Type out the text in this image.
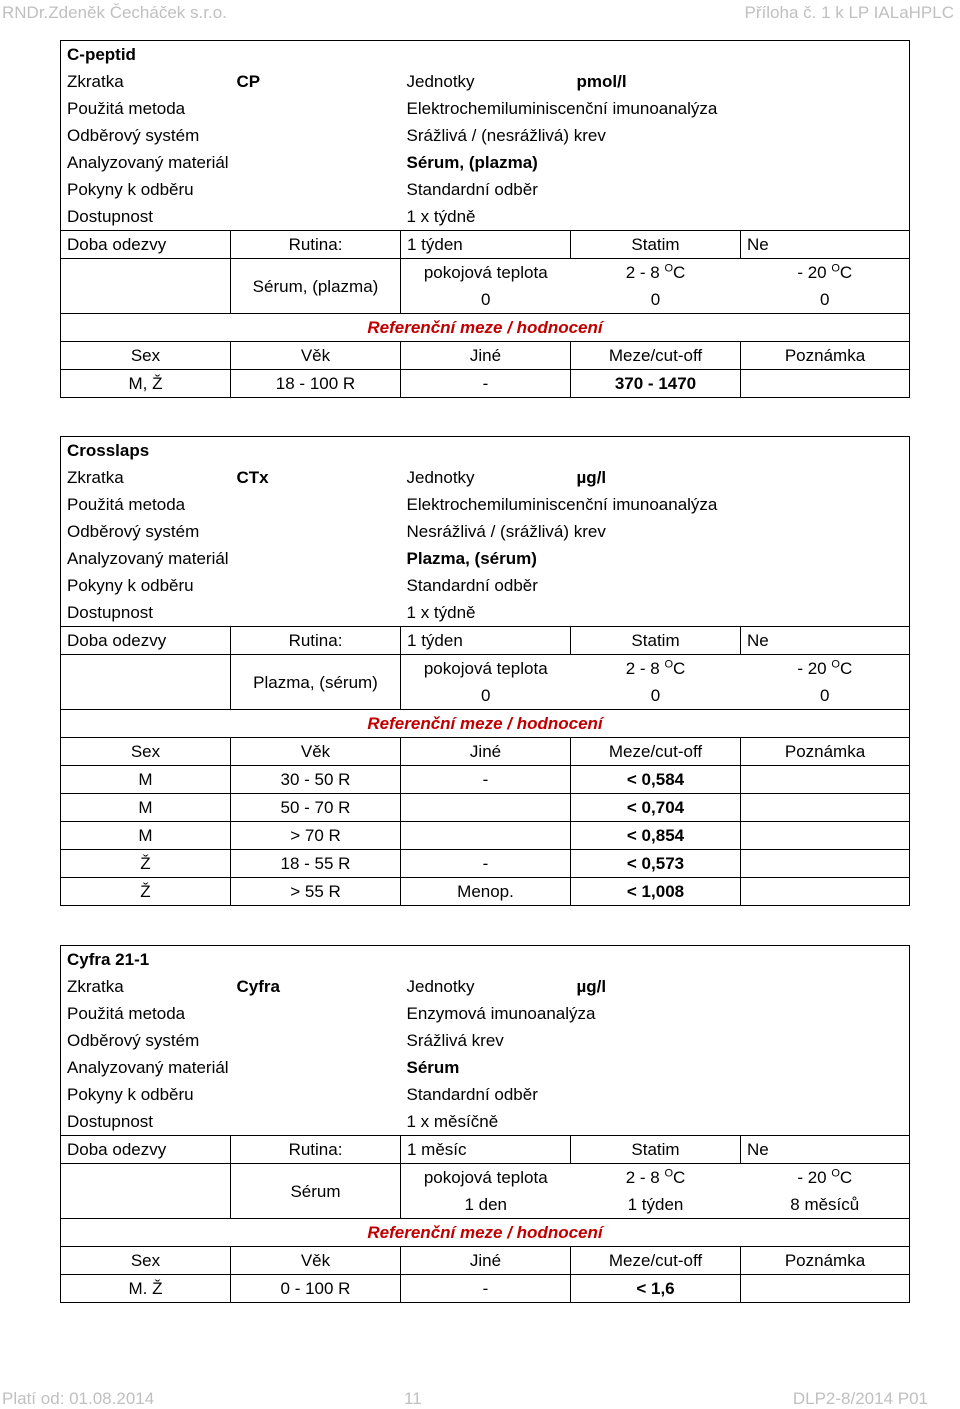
RNDr.Zdeněk Čecháček s.r.o.	Příloha č. 1 k LP IALaHPLC
C-peptid				
Zkratka	CP	Jednotky	pmol/l	
Použitá metoda		Elektrochemiluminiscenční imunoanalýza		
Odběrový systém		Srážlivá / (nesrážlivá) krev		
Analyzovaný materiál		Sérum, (plazma)		
Pokyny k odběru		Standardní odběr		
Dostupnost		1 x týdně		
Doba odezvy	Rutina:	1 týden	Statim	Ne
	Sérum, (plazma)	pokojová teplota	2 - 8 $^O$C	- 20 $^O$C
		0	0	0
Referenční meze / hodnocení				
Sex	Věk	Jiné	Meze/cut-off	Poznámka
M, Ž	18 - 100 R	-	370 - 1470	
Crosslaps				
Zkratka	CTx	Jednotky	µg/l	
Použitá metoda		Elektrochemiluminiscenční imunoanalýza		
Odběrový systém		Nesrážlivá / (srážlivá) krev		
Analyzovaný materiál		Plazma, (sérum)		
Pokyny k odběru		Standardní odběr		
Dostupnost		1 x týdně		
Doba odezvy	Rutina:	1 týden	Statim	Ne
	Plazma, (sérum)	pokojová teplota	2 - 8 $^O$C	- 20 $^O$C
		0	0	0
Referenční meze / hodnocení				
Sex	Věk	Jiné	Meze/cut-off	Poznámka
M	30 - 50 R	-	< 0,584	
M	50 - 70 R		< 0,704	
M	> 70 R		< 0,854	
Ž	18 - 55 R	-	< 0,573	
Ž	> 55 R	Menop.	< 1,008	
Cyfra 21-1				
Zkratka	Cyfra	Jednotky	µg/l	
Použitá metoda		Enzymová imunoanalýza		
Odběrový systém		Srážlivá krev		
Analyzovaný materiál		Sérum		
Pokyny k odběru		Standardní odběr		
Dostupnost		1 x měsíčně		
Doba odezvy	Rutina:	1 měsíc	Statim	Ne
	Sérum	pokojová teplota	2 - 8 $^O$C	- 20 $^O$C
		1 den	1 týden	8 měsíců
Referenční meze / hodnocení				
Sex	Věk	Jiné	Meze/cut-off	Poznámka
M. Ž	0 - 100 R	-	< 1,6	
Platí od: 01.08.2014	11	DLP2-8/2014 P01
